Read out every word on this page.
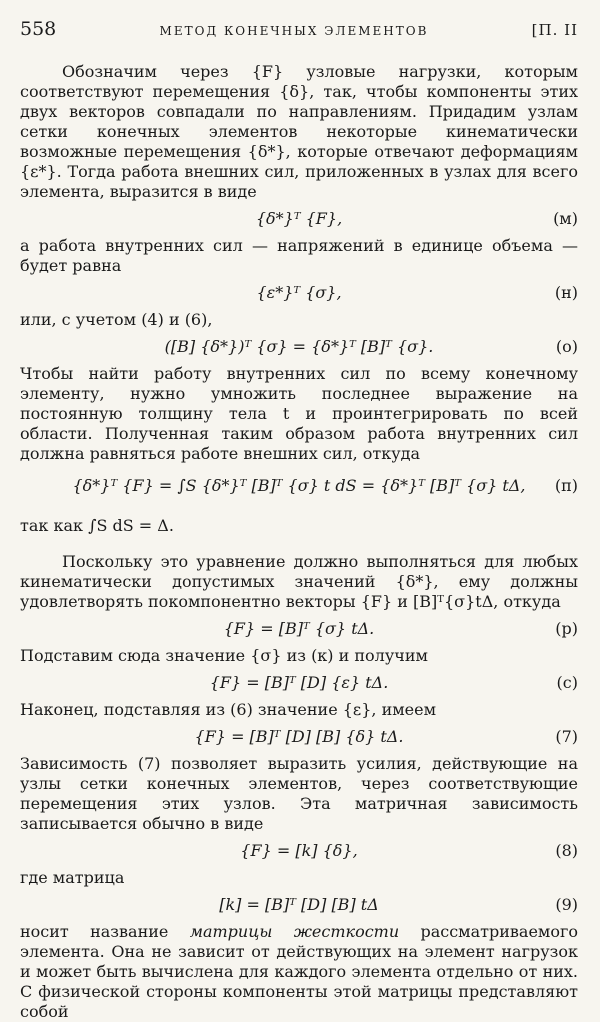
558	МЕТОД КОНЕЧНЫХ ЭЛЕМЕНТОВ	[П. II

Обозначим через {F} узловые нагрузки, которым соответствуют перемещения {δ}, так, чтобы компоненты этих двух векторов совпадали по направлениям. Придадим узлам сетки конечных элементов некоторые кинематически возможные перемещения {δ*}, которые отвечают деформациям {ε*}. Тогда работа внешних сил, приложенных в узлах для всего элемента, выразится в виде

{δ*}ᵀ {F},	(м)

а работа внутренних сил — напряжений в единице объема — будет равна

{ε*}ᵀ {σ},	(н)

или, с учетом (4) и (6),

([B] {δ*})ᵀ {σ} = {δ*}ᵀ [B]ᵀ {σ}.	(о)

Чтобы найти работу внутренних сил по всему конечному элементу, нужно умножить последнее выражение на постоянную толщину тела t и проинтегрировать по всей области. Полученная таким образом работа внутренних сил должна равняться работе внешних сил, откуда

{δ*}ᵀ {F} = ∫S {δ*}ᵀ [B]ᵀ {σ} t dS = {δ*}ᵀ [B]ᵀ {σ} tΔ,	(п)

так как ∫S dS = Δ.

Поскольку это уравнение должно выполняться для любых кинематически допустимых значений {δ*}, ему должны удовлетворять покомпонентно векторы {F} и [B]ᵀ{σ}tΔ, откуда

{F} = [B]ᵀ {σ} tΔ.	(р)

Подставим сюда значение {σ} из (к) и получим

{F} = [B]ᵀ [D] {ε} tΔ.	(с)

Наконец, подставляя из (6) значение {ε}, имеем

{F} = [B]ᵀ [D] [B] {δ} tΔ.	(7)

Зависимость (7) позволяет выразить усилия, действующие на узлы сетки конечных элементов, через соответствующие перемещения этих узлов. Эта матричная зависимость записывается обычно в виде

{F} = [k] {δ},	(8)

где матрица

[k] = [B]ᵀ [D] [B] tΔ	(9)

носит название матрицы жесткости рассматриваемого элемента. Она не зависит от действующих на элемент нагрузок и может быть вычислена для каждого элемента отдельно от них. С физической стороны компоненты этой матрицы представляют собой
